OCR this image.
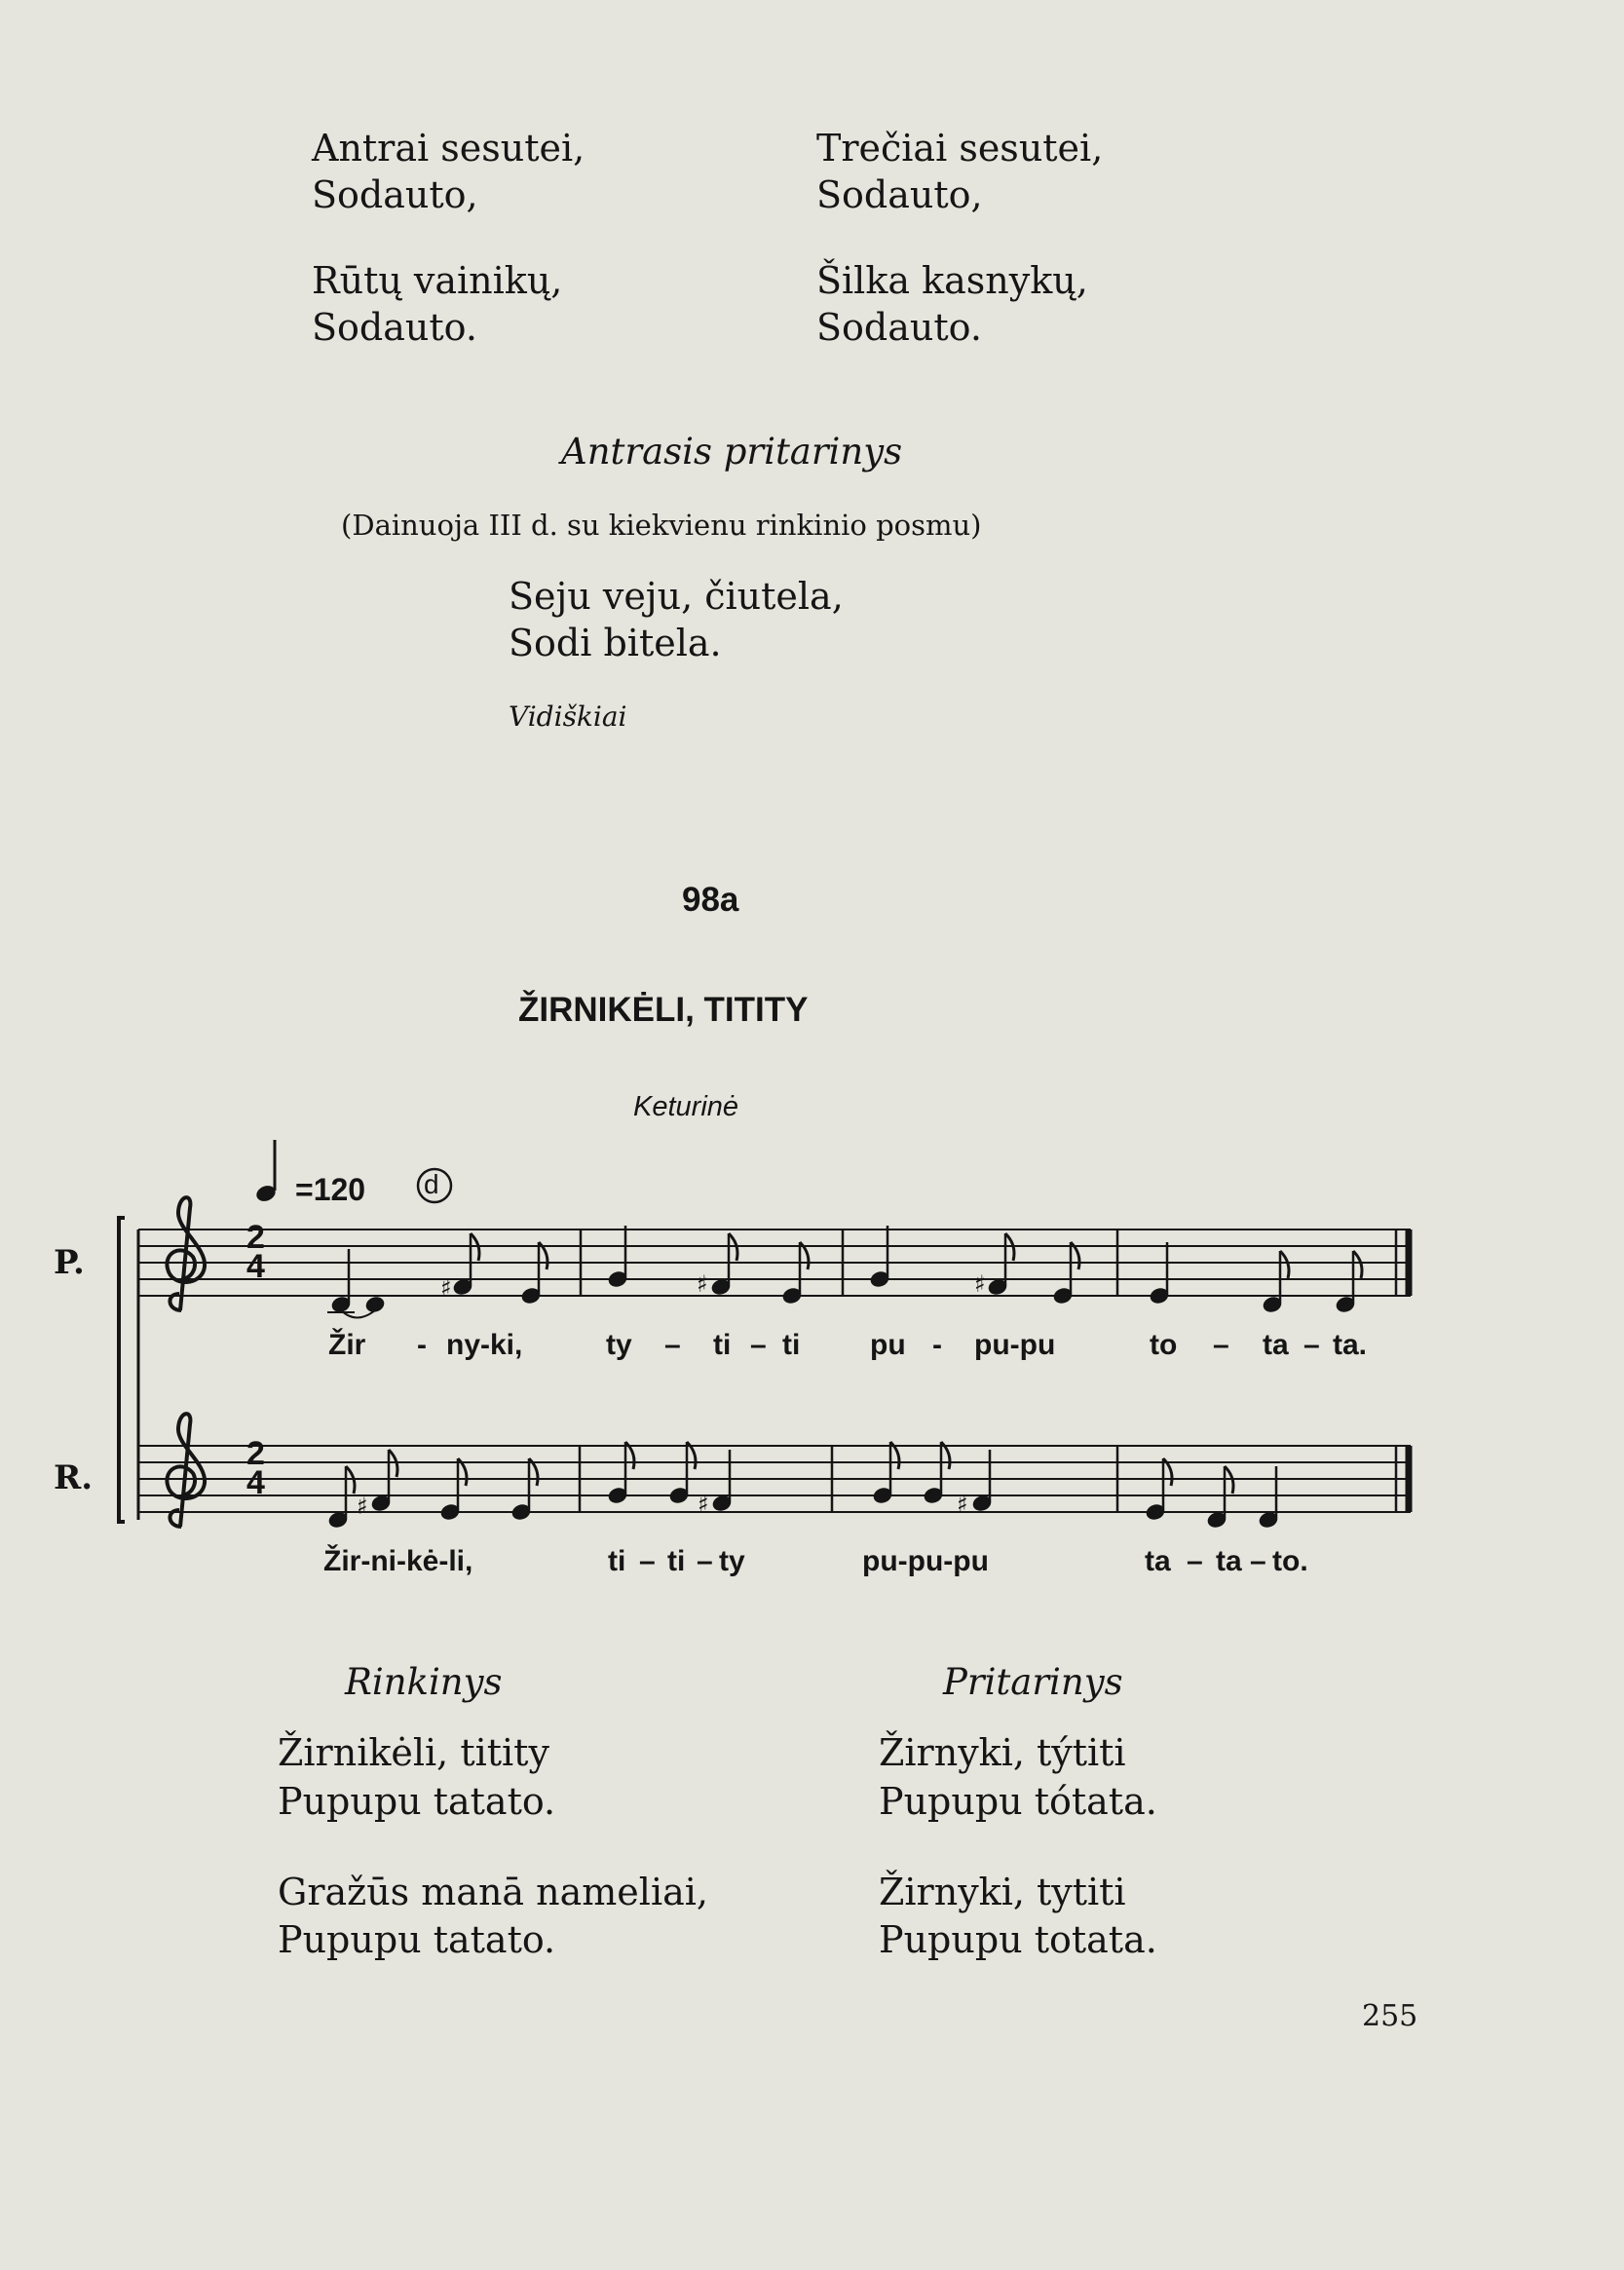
Antrai sesutei,
Sodauto,
Rūtų vainikų,
Sodauto.
Trečiai sesutei,
Sodauto,
Šilka kasnykų,
Sodauto.
Antrasis pritarinys
(Dainuoja III d. su kiekvienu rinkinio posmu)
Seju veju, čiutela,
Sodi bitela.
Vidiškiai
98a
ŽIRNIKĖLI, TITITY
Keturinė
=120 d
P.
R.
♯	♯	♯
♯	♯	♯
2
4
2
4
Žir - ny-ki,	ty – ti – ti pu - pu-pu	to – ta – ta.
Žir-ni-kė-li,	ti – ti – ty	pu-pu-pu	ta – ta – to.
Rinkinys	Pritarinys
Žirnikėli, titity
Pupupu tatato.
Gražūs manā nameliai,
Pupupu tatato.
Žirnyki, týtiti
Pupupu tótata.
Žirnyki, tytiti
Pupupu totata.
255
